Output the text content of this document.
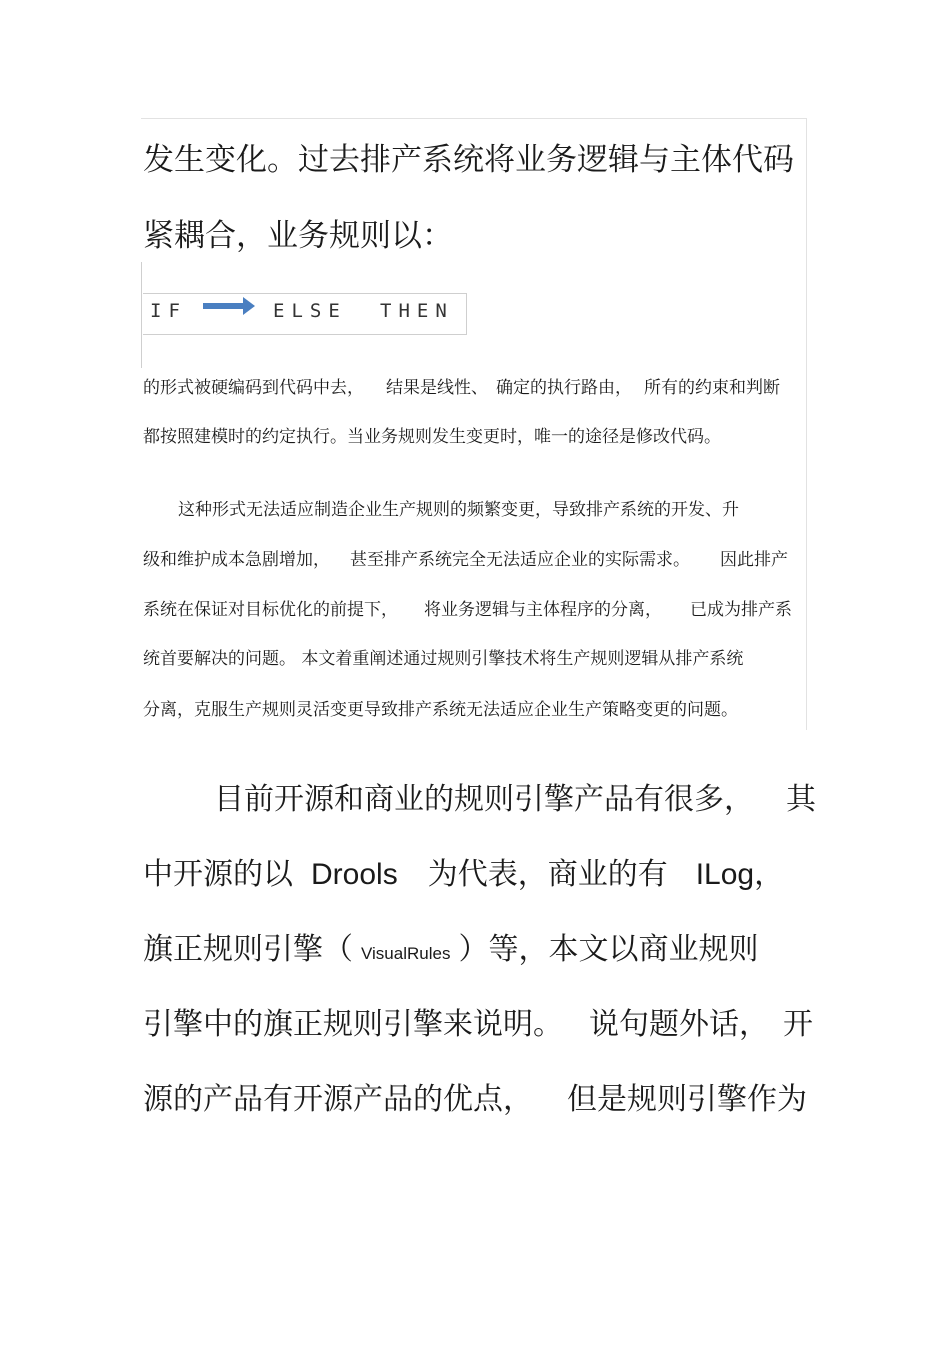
发生变化。过去排产系统将业务逻辑与主体代码
紧耦合，业务规则以：
IF	ELSE THEN
的形式被硬编码到代码中去， 结果是线性、 确定的执行路由， 所有的约束和判断
都按照建模时的约定执行。当业务规则发生变更时，唯一的途径是修改代码。
这种形式无法适应制造企业生产规则的频繁变更，导致排产系统的开发、升
级和维护成本急剧增加， 甚至排产系统完全无法适应企业的实际需求。 因此排产
系统在保证对目标优化的前提下， 将业务逻辑与主体程序的分离， 已成为排产系
统首要解决的问题。 本文着重阐述通过规则引擎技术将生产规则逻辑从排产系统
分离，克服生产规则灵活变更导致排产系统无法适应企业生产策略变更的问题。
目前开源和商业的规则引擎产品有很多， 其
中开源的以 Drools 为代表，商业的有 ILog，
旗正规则引擎（ VisualRules ）等，本文以商业规则
引擎中的旗正规则引擎来说明。 说句题外话， 开
源的产品有开源产品的优点， 但是规则引擎作为
